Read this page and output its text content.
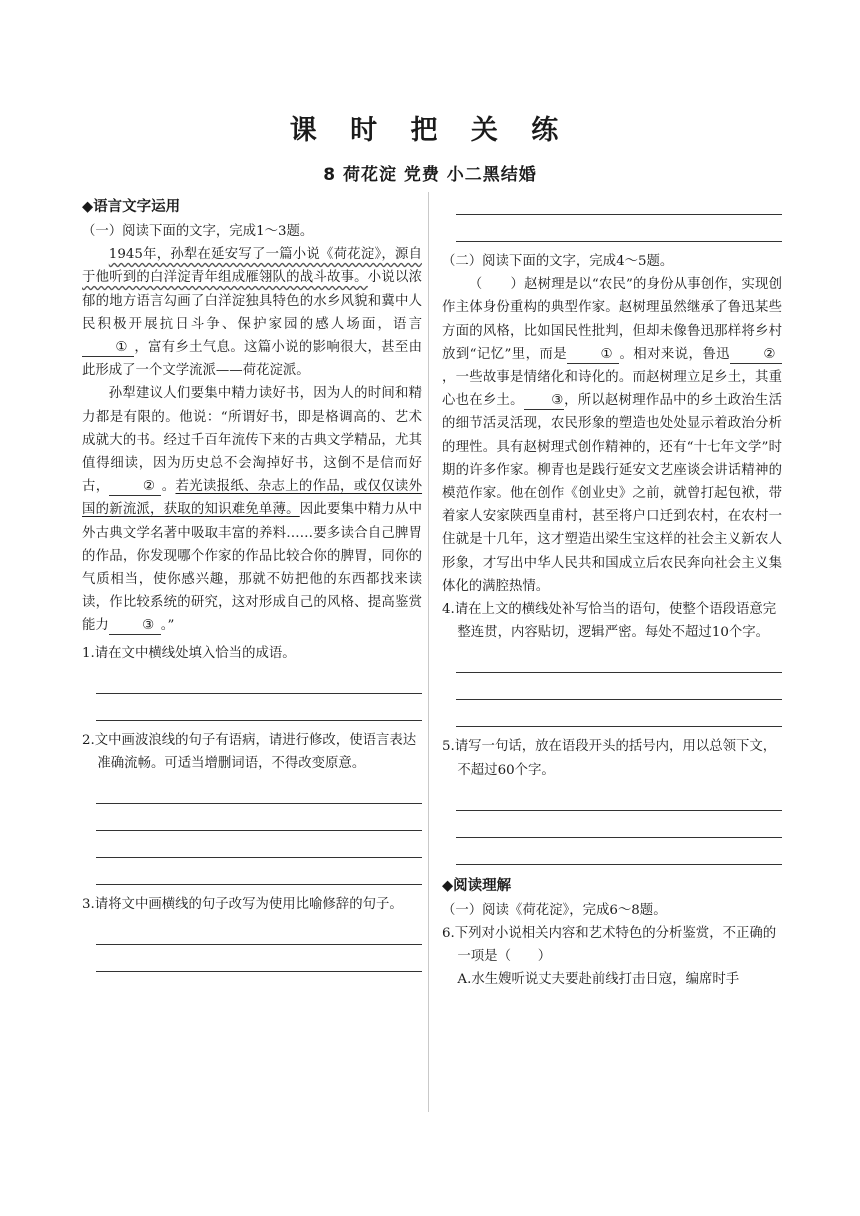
课 时 把 关 练
8 荷花淀 党费 小二黑结婚

◆语言文字运用

（一）阅读下面的文字，完成1～3题。

1945年，孙犁在延安写了一篇小说《荷花淀》，源自于他听到的白洋淀青年组成雁翎队的战斗故事。小说以浓郁的地方语言勾画了白洋淀独具特色的水乡风貌和冀中人民积极开展抗日斗争、保护家园的感人场面，语言① ，富有乡土气息。这篇小说的影响很大，甚至由此形成了一个文学流派——荷花淀派。

孙犁建议人们要集中精力读好书，因为人的时间和精力都是有限的。他说：“所谓好书，即是格调高的、艺术成就大的书。经过千百年流传下来的古典文学精品，尤其值得细读，因为历史总不会淘掉好书，这倒不是信而好古， ② 。若光读报纸、杂志上的作品，或仅仅读外国的新流派，获取的知识难免单薄。因此要集中精力从中外古典文学名著中吸取丰富的养料……要多读合自己脾胃的作品，你发现哪个作家的作品比较合你的脾胃，同你的气质相当，使你感兴趣，那就不妨把他的东西都找来读读，作比较系统的研究，这对形成自己的风格、提高鉴赏能力 ③ 。”

1.请在文中横线处填入恰当的成语。

2.文中画波浪线的句子有语病，请进行修改，使语言表达准确流畅。可适当增删词语，不得改变原意。

3.请将文中画横线的句子改写为使用比喻修辞的句子。

（二）阅读下面的文字，完成4～5题。

（ ）赵树理是以“农民”的身份从事创作，实现创作主体身份重构的典型作家。赵树理虽然继承了鲁迅某些方面的风格，比如国民性批判，但却未像鲁迅那样将乡村放到“记忆”里，而是 ① 。相对来说，鲁迅 ②，一些故事是情绪化和诗化的。而赵树理立足乡土，其重心也在乡土。 ③，所以赵树理作品中的乡土政治生活的细节活灵活现，农民形象的塑造也处处显示着政治分析的理性。具有赵树理式创作精神的，还有“十七年文学”时期的许多作家。柳青也是践行延安文艺座谈会讲话精神的模范作家。他在创作《创业史》之前，就曾打起包袱，带着家人安家陕西皇甫村，甚至将户口迁到农村，在农村一住就是十几年，这才塑造出梁生宝这样的社会主义新农人形象，才写出中华人民共和国成立后农民奔向社会主义集体化的满腔热情。

4.请在上文的横线处补写恰当的语句，使整个语段语意完整连贯，内容贴切，逻辑严密。每处不超过10个字。

5.请写一句话，放在语段开头的括号内，用以总领下文，不超过60个字。

◆阅读理解

（一）阅读《荷花淀》，完成6～8题。

6.下列对小说相关内容和艺术特色的分析鉴赏，不正确的一项是（　　）

A.水生嫂听说丈夫要赴前线打击日寇，编席时手
